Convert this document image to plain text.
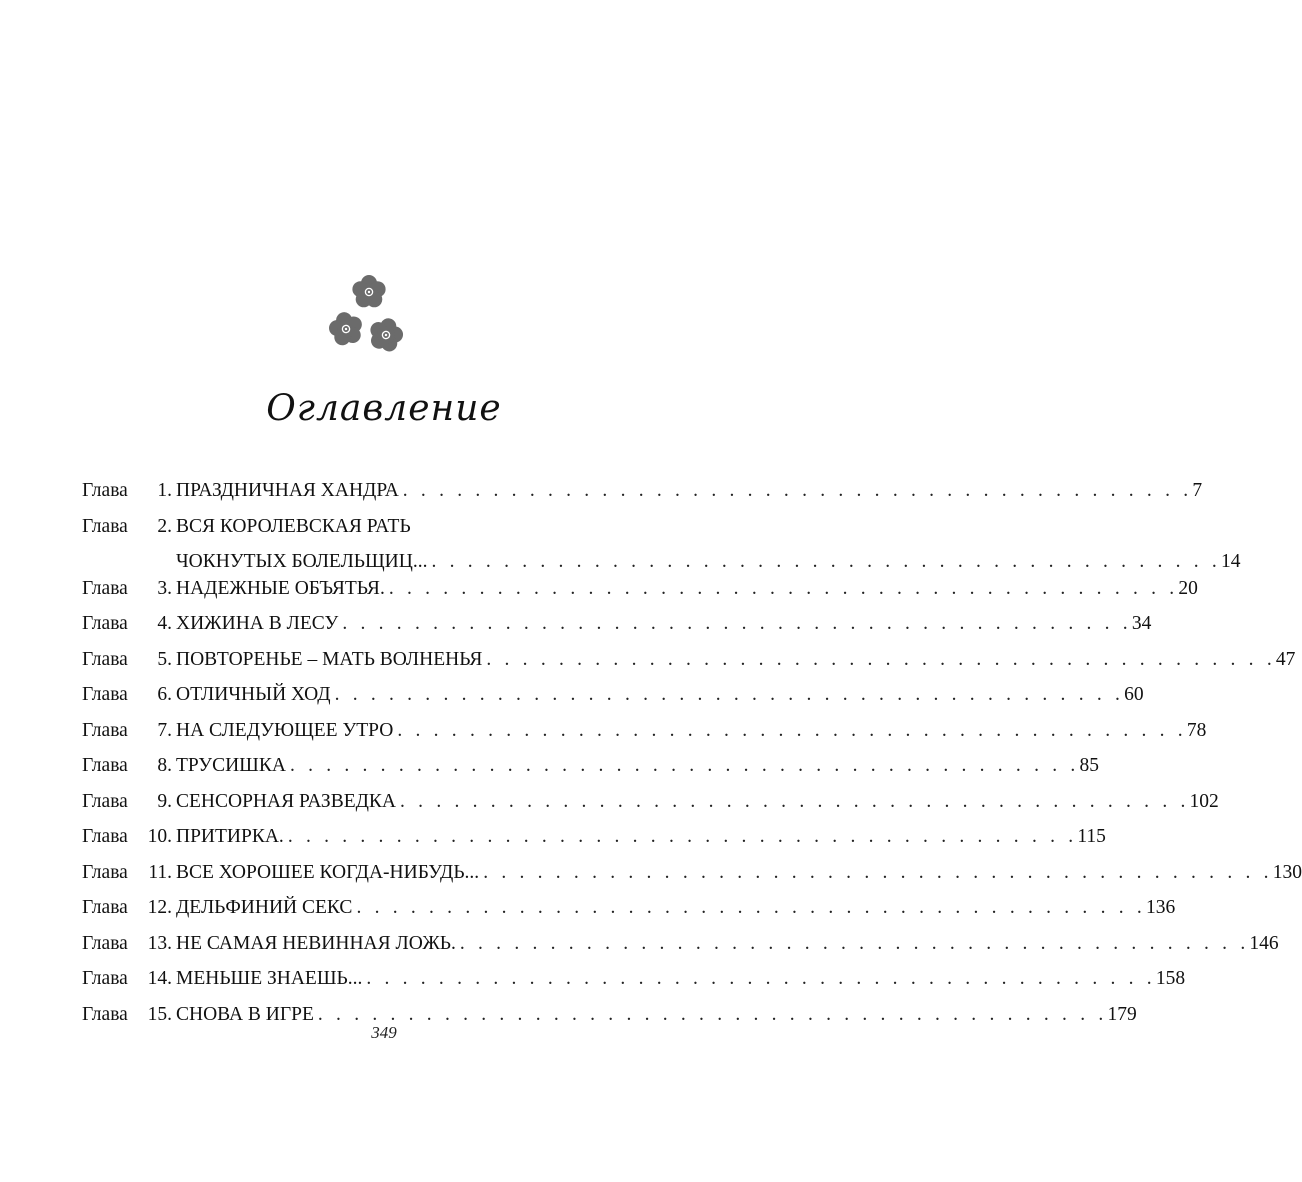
Оглавление
Глава	1. ПРАЗДНИЧНАЯ ХАНДРА . . . . . . . . . . . . . . . . . . . . . . . . . . . . . . . . . . . . . . . . . . . . 7
Глава	2. ВСЯ КОРОЛЕВСКАЯ РАТЬ
ЧОКНУТЫХ БОЛЕЛЬЩИЦ... . . . . . . . . . . . . . . . . . . . . . . . . . . . . . . . . . . . . . . . . . . . . 14
Глава	3. НАДЕЖНЫЕ ОБЪЯТЬЯ. . . . . . . . . . . . . . . . . . . . . . . . . . . . . . . . . . . . . . . . . . . . . 20
Глава	4. ХИЖИНА В ЛЕСУ . . . . . . . . . . . . . . . . . . . . . . . . . . . . . . . . . . . . . . . . . . . . 34
Глава	5. ПОВТОРЕНЬЕ – МАТЬ ВОЛНЕНЬЯ . . . . . . . . . . . . . . . . . . . . . . . . . . . . . . . . . . . . . . . . . . . . 47
Глава	6. ОТЛИЧНЫЙ ХОД . . . . . . . . . . . . . . . . . . . . . . . . . . . . . . . . . . . . . . . . . . . . 60
Глава	7. НА СЛЕДУЮЩЕЕ УТРО . . . . . . . . . . . . . . . . . . . . . . . . . . . . . . . . . . . . . . . . . . . . 78
Глава	8. ТРУСИШКА . . . . . . . . . . . . . . . . . . . . . . . . . . . . . . . . . . . . . . . . . . . . 85
Глава	9. СЕНСОРНАЯ РАЗВЕДКА . . . . . . . . . . . . . . . . . . . . . . . . . . . . . . . . . . . . . . . . . . . . 102
Глава	10. ПРИТИРКА. . . . . . . . . . . . . . . . . . . . . . . . . . . . . . . . . . . . . . . . . . . . . 115
Глава	11. ВСЕ ХОРОШЕЕ КОГДА-НИБУДЬ... . . . . . . . . . . . . . . . . . . . . . . . . . . . . . . . . . . . . . . . . . . . . 130
Глава	12. ДЕЛЬФИНИЙ СЕКС . . . . . . . . . . . . . . . . . . . . . . . . . . . . . . . . . . . . . . . . . . . . 136
Глава	13. НЕ САМАЯ НЕВИННАЯ ЛОЖЬ. . . . . . . . . . . . . . . . . . . . . . . . . . . . . . . . . . . . . . . . . . . . . 146
Глава	14. МЕНЬШЕ ЗНАЕШЬ... . . . . . . . . . . . . . . . . . . . . . . . . . . . . . . . . . . . . . . . . . . . . 158
Глава	15. СНОВА В ИГРЕ . . . . . . . . . . . . . . . . . . . . . . . . . . . . . . . . . . . . . . . . . . . . 179
349
